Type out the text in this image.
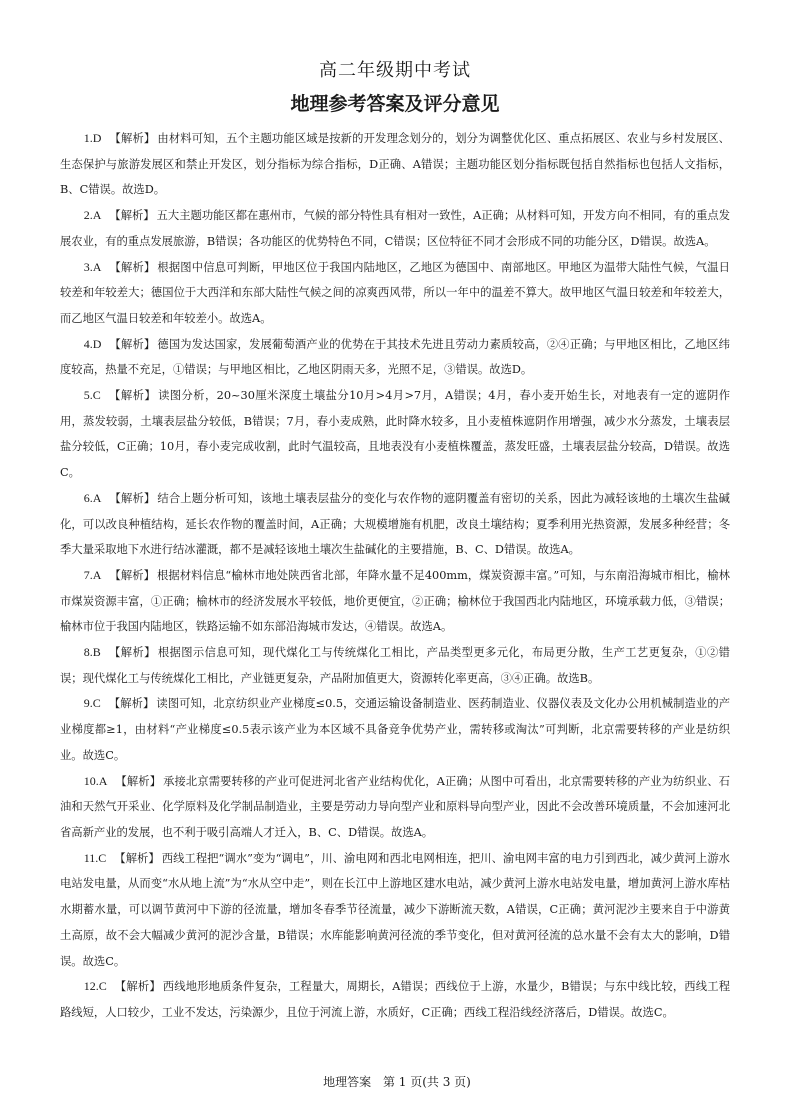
高二年级期中考试
地理参考答案及评分意见

1.D 【解析】 由材料可知，五个主题功能区域是按新的开发理念划分的，划分为调整优化区、重点拓展区、农业与乡村发展区、生态保护与旅游发展区和禁止开发区，划分指标为综合指标，D正确、A错误；主题功能区划分指标既包括自然指标也包括人文指标，B、C错误。故选D。

2.A 【解析】 五大主题功能区都在惠州市，气候的部分特性具有相对一致性，A正确；从材料可知，开发方向不相同，有的重点发展农业，有的重点发展旅游，B错误；各功能区的优势特色不同，C错误；区位特征不同才会形成不同的功能分区，D错误。故选A。

3.A 【解析】 根据图中信息可判断，甲地区位于我国内陆地区，乙地区为德国中、南部地区。甲地区为温带大陆性气候，气温日较差和年较差大；德国位于大西洋和东部大陆性气候之间的凉爽西风带，所以一年中的温差不算大。故甲地区气温日较差和年较差大，而乙地区气温日较差和年较差小。故选A。

4.D 【解析】 德国为发达国家，发展葡萄酒产业的优势在于其技术先进且劳动力素质较高，②④正确；与甲地区相比，乙地区纬度较高，热量不充足，①错误；与甲地区相比，乙地区阴雨天多，光照不足，③错误。故选D。

5.C 【解析】 读图分析，20~30厘米深度土壤盐分10月>4月>7月，A错误；4月，春小麦开始生长，对地表有一定的遮阴作用，蒸发较弱，土壤表层盐分较低，B错误；7月，春小麦成熟，此时降水较多，且小麦植株遮阴作用增强，减少水分蒸发，土壤表层盐分较低，C正确；10月，春小麦完成收割，此时气温较高，且地表没有小麦植株覆盖，蒸发旺盛，土壤表层盐分较高，D错误。故选C。

6.A 【解析】 结合上题分析可知，该地土壤表层盐分的变化与农作物的遮阴覆盖有密切的关系，因此为减轻该地的土壤次生盐碱化，可以改良种植结构，延长农作物的覆盖时间，A正确；大规模增施有机肥，改良土壤结构；夏季利用光热资源，发展多种经营；冬季大量采取地下水进行结冰灌溉，都不是减轻该地土壤次生盐碱化的主要措施，B、C、D错误。故选A。

7.A 【解析】 根据材料信息“榆林市地处陕西省北部，年降水量不足400mm，煤炭资源丰富。”可知，与东南沿海城市相比，榆林市煤炭资源丰富，①正确；榆林市的经济发展水平较低，地价更便宜，②正确；榆林位于我国西北内陆地区，环境承载力低，③错误；榆林市位于我国内陆地区，铁路运输不如东部沿海城市发达，④错误。故选A。

8.B 【解析】 根据图示信息可知，现代煤化工与传统煤化工相比，产品类型更多元化，布局更分散，生产工艺更复杂，①②错误；现代煤化工与传统煤化工相比，产业链更复杂，产品附加值更大，资源转化率更高，③④正确。故选B。

9.C 【解析】 读图可知，北京纺织业产业梯度≤0.5，交通运输设备制造业、医药制造业、仪器仪表及文化办公用机械制造业的产业梯度都≥1，由材料“产业梯度≤0.5表示该产业为本区域不具备竞争优势产业，需转移或淘汰”可判断，北京需要转移的产业是纺织业。故选C。

10.A 【解析】 承接北京需要转移的产业可促进河北省产业结构优化，A正确；从图中可看出，北京需要转移的产业为纺织业、石油和天然气开采业、化学原料及化学制品制造业，主要是劳动力导向型产业和原料导向型产业，因此不会改善环境质量，不会加速河北省高新产业的发展，也不利于吸引高端人才迁入，B、C、D错误。故选A。

11.C 【解析】 西线工程把“调水”变为“调电”，川、渝电网和西北电网相连，把川、渝电网丰富的电力引到西北，减少黄河上游水电站发电量，从而变“水从地上流”为“水从空中走”，则在长江中上游地区建水电站，减少黄河上游水电站发电量，增加黄河上游水库枯水期蓄水量，可以调节黄河中下游的径流量，增加冬春季节径流量，减少下游断流天数，A错误，C正确；黄河泥沙主要来自于中游黄土高原，故不会大幅减少黄河的泥沙含量，B错误；水库能影响黄河径流的季节变化，但对黄河径流的总水量不会有太大的影响，D错误。故选C。

12.C 【解析】 西线地形地质条件复杂，工程量大，周期长，A错误；西线位于上游，水量少，B错误；与东中线比较，西线工程路线短，人口较少，工业不发达，污染源少，且位于河流上游，水质好，C正确；西线工程沿线经济落后，D错误。故选C。

地理答案 第 1 页(共 3 页)
